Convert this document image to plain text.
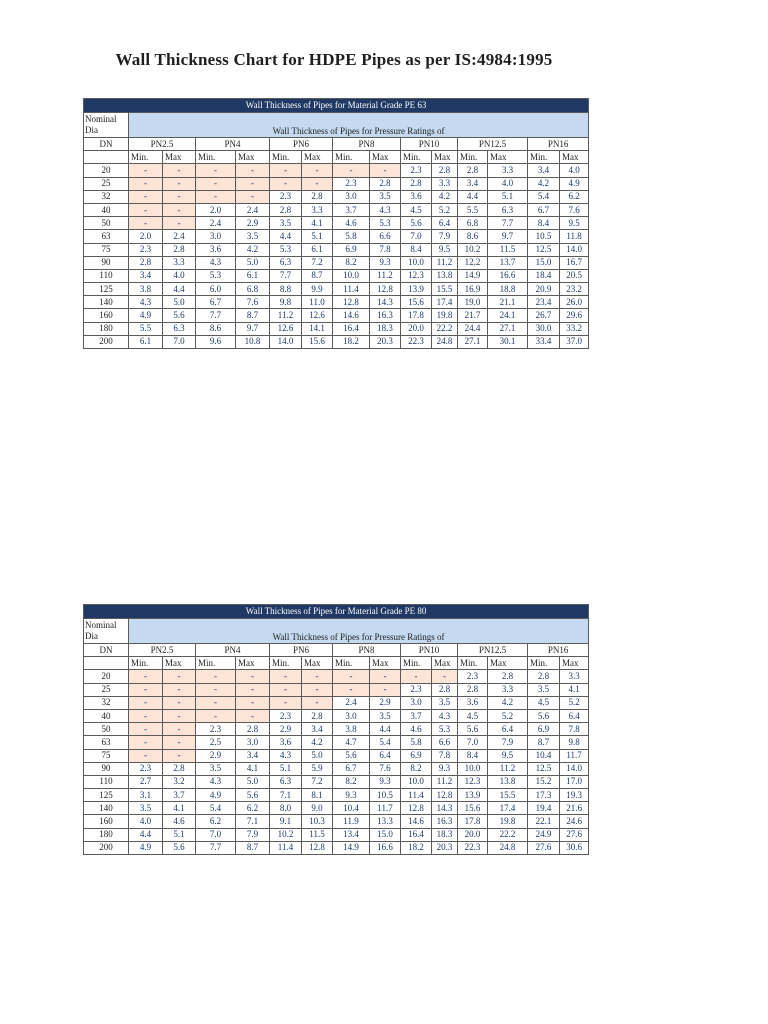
Wall Thickness Chart for HDPE Pipes as per IS:4984:1995
Wall Thickness of Pipes for Material Grade PE 63														
Nominal Dia	Wall Thickness of Pipes for Pressure Ratings of													
DN	PN2.5		PN4		PN6		PN8		PN10		PN12.5		PN16	
	Min.	Max	Min.	Max	Min.	Max	Min.	Max	Min.	Max	Min.	Max	Min.	Max
20	-	-	-	-	-	-	-	-	2.3	2.8	2.8	3.3	3.4	4.0
25	-	-	-	-	-	-	2.3	2.8	2.8	3.3	3.4	4.0	4.2	4.9
32	-	-	-	-	2.3	2.8	3.0	3.5	3.6	4.2	4.4	5.1	5.4	6.2
40	-	-	2.0	2.4	2.8	3.3	3.7	4.3	4.5	5.2	5.5	6.3	6.7	7.6
50	-	-	2.4	2.9	3.5	4.1	4.6	5.3	5.6	6.4	6.8	7.7	8.4	9.5
63	2.0	2.4	3.0	3.5	4.4	5.1	5.8	6.6	7.0	7.9	8.6	9.7	10.5	11.8
75	2.3	2.8	3.6	4.2	5.3	6.1	6.9	7.8	8.4	9.5	10.2	11.5	12.5	14.0
90	2.8	3.3	4.3	5.0	6.3	7.2	8.2	9.3	10.0	11.2	12.2	13.7	15.0	16.7
110	3.4	4.0	5.3	6.1	7.7	8.7	10.0	11.2	12.3	13.8	14.9	16.6	18.4	20.5
125	3.8	4.4	6.0	6.8	8.8	9.9	11.4	12.8	13.9	15.5	16.9	18.8	20.9	23.2
140	4.3	5.0	6.7	7.6	9.8	11.0	12.8	14.3	15.6	17.4	19.0	21.1	23.4	26.0
160	4.9	5.6	7.7	8.7	11.2	12.6	14.6	16.3	17.8	19.8	21.7	24.1	26.7	29.6
180	5.5	6.3	8.6	9.7	12.6	14.1	16.4	18.3	20.0	22.2	24.4	27.1	30.0	33.2
200	6.1	7.0	9.6	10.8	14.0	15.6	18.2	20.3	22.3	24.8	27.1	30.1	33.4	37.0
Wall Thickness of Pipes for Material Grade PE 80														
Nominal Dia	Wall Thickness of Pipes for Pressure Ratings of													
DN	PN2.5		PN4		PN6		PN8		PN10		PN12.5		PN16	
	Min.	Max	Min.	Max	Min.	Max	Min.	Max	Min.	Max	Min.	Max	Min.	Max
20	-	-	-	-	-	-	-	-	-	-	2.3	2.8	2.8	3.3
25	-	-	-	-	-	-	-	-	2.3	2.8	2.8	3.3	3.5	4.1
32	-	-	-	-	-	-	2.4	2.9	3.0	3.5	3.6	4.2	4.5	5.2
40	-	-	-	-	2.3	2.8	3.0	3.5	3.7	4.3	4.5	5.2	5.6	6.4
50	-	-	2.3	2.8	2.9	3.4	3.8	4.4	4.6	5.3	5.6	6.4	6.9	7.8
63	-	-	2.5	3.0	3.6	4.2	4.7	5.4	5.8	6.6	7.0	7.9	8.7	9.8
75	-	-	2.9	3.4	4.3	5.0	5.6	6.4	6.9	7.8	8.4	9.5	10.4	11.7
90	2.3	2.8	3.5	4.1	5.1	5.9	6.7	7.6	8.2	9.3	10.0	11.2	12.5	14.0
110	2.7	3.2	4.3	5.0	6.3	7.2	8.2	9.3	10.0	11.2	12.3	13.8	15.2	17.0
125	3.1	3.7	4.9	5.6	7.1	8.1	9.3	10.5	11.4	12.8	13.9	15.5	17.3	19.3
140	3.5	4.1	5.4	6.2	8.0	9.0	10.4	11.7	12.8	14.3	15.6	17.4	19.4	21.6
160	4.0	4.6	6.2	7.1	9.1	10.3	11.9	13.3	14.6	16.3	17.8	19.8	22.1	24.6
180	4.4	5.1	7.0	7.9	10.2	11.5	13.4	15.0	16.4	18.3	20.0	22.2	24.9	27.6
200	4.9	5.6	7.7	8.7	11.4	12.8	14.9	16.6	18.2	20.3	22.3	24.8	27.6	30.6
